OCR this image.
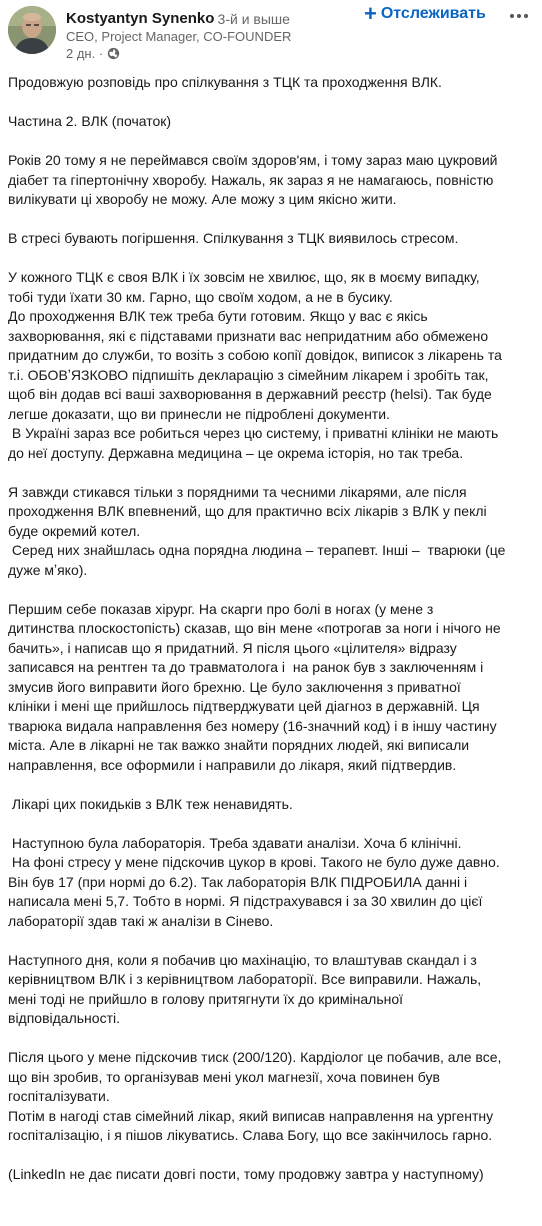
Kostyantyn Synenko
· 3-й и выше
CEO, Project Manager, CO-FOUNDER
2 дн. ·
+ Отслеживать

Продовжую розповідь про спілкування з ТЦК та проходження ВЛК.

Частина 2. ВЛК (початок)

Років 20 тому я не переймався своїм здоров'ям, і тому зараз маю цукровий
діабет та гіпертонічну хворобу. Нажаль, як зараз я не намагаюсь, повністю
вилікувати ці хворобу не можу. Але можу з цим якісно жити.

В стресі бувають погіршення. Спілкування з ТЦК виявилось стресом.

У кожного ТЦК є своя ВЛК і їх зовсім не хвилює, що, як в моєму випадку,
тобі туди їхати 30 км. Гарно, що своїм ходом, а не в бусику.
До проходження ВЛК теж треба бути готовим. Якщо у вас є якісь
захворювання, які є підставами признати вас непридатним або обмежено
придатним до служби, то возіть з собою копії довідок, виписок з лікарень та
т.і. ОБОВʼЯЗКОВО підпишіть декларацію з сімейним лікарем і зробіть так,
щоб він додав всі ваші захворювання в державний реєстр (helsi). Так буде
легше доказати, що ви принесли не підроблені документи.
В Україні зараз все робиться через цю систему, і приватні клініки не мають
до неї доступу. Державна медицина – це окрема історія, но так треба.

Я завжди стикався тільки з порядними та чесними лікарями, але після
проходження ВЛК впевнений, що для практично всіх лікарів з ВЛК у пеклі
буде окремий котел.
Серед них знайшлась одна порядна людина – терапевт. Інші –  тварюки (це
дуже мʼяко).

Першим себе показав хірург. На скарги про болі в ногах (у мене з
дитинства плоскостопість) сказав, що він мене «потрогав за ноги і нічого не
бачить», і написав що я придатний. Я після цього «цілителя» відразу
записався на рентген та до травматолога і  на ранок був з заключенням і
змусив його виправити його брехню. Це було заключення з приватної
клініки і мені ще прийшлось підтверджувати цей діагноз в державній. Ця
тварюка видала направлення без номеру (16-значний код) і в іншу частину
міста. Але в лікарні не так важко знайти порядних людей, які виписали
направлення, все оформили і направили до лікаря, який підтвердив.

Лікарі цих покидьків з ВЛК теж ненавидять.

Наступною була лабораторія. Треба здавати аналізи. Хоча б клінічні.
На фоні стресу у мене підскочив цукор в крові. Такого не було дуже давно.
Він був 17 (при нормі до 6.2). Так лабораторія ВЛК ПІДРОБИЛА данні і
написала мені 5,7. Тобто в нормі. Я підстрахувався і за 30 хвилин до цієї
лабораторії здав такі ж аналізи в Сінево.

Наступного дня, коли я побачив цю махінацію, то влаштував скандал і з
керівництвом ВЛК і з керівництвом лабораторії. Все виправили. Нажаль,
мені тоді не прийшло в голову притягнути їх до кримінальної
відповідальності.

Після цього у мене підскочив тиск (200/120). Кардіолог це побачив, але все,
що він зробив, то організував мені укол магнезії, хоча повинен був
госпіталізувати.
Потім в нагоді став сімейний лікар, який виписав направлення на ургентну
госпіталізацію, і я пішов лікуватись. Слава Богу, що все закінчилось гарно.

(LinkedIn не дає писати довгі пости, тому продовжу завтра у наступному)
